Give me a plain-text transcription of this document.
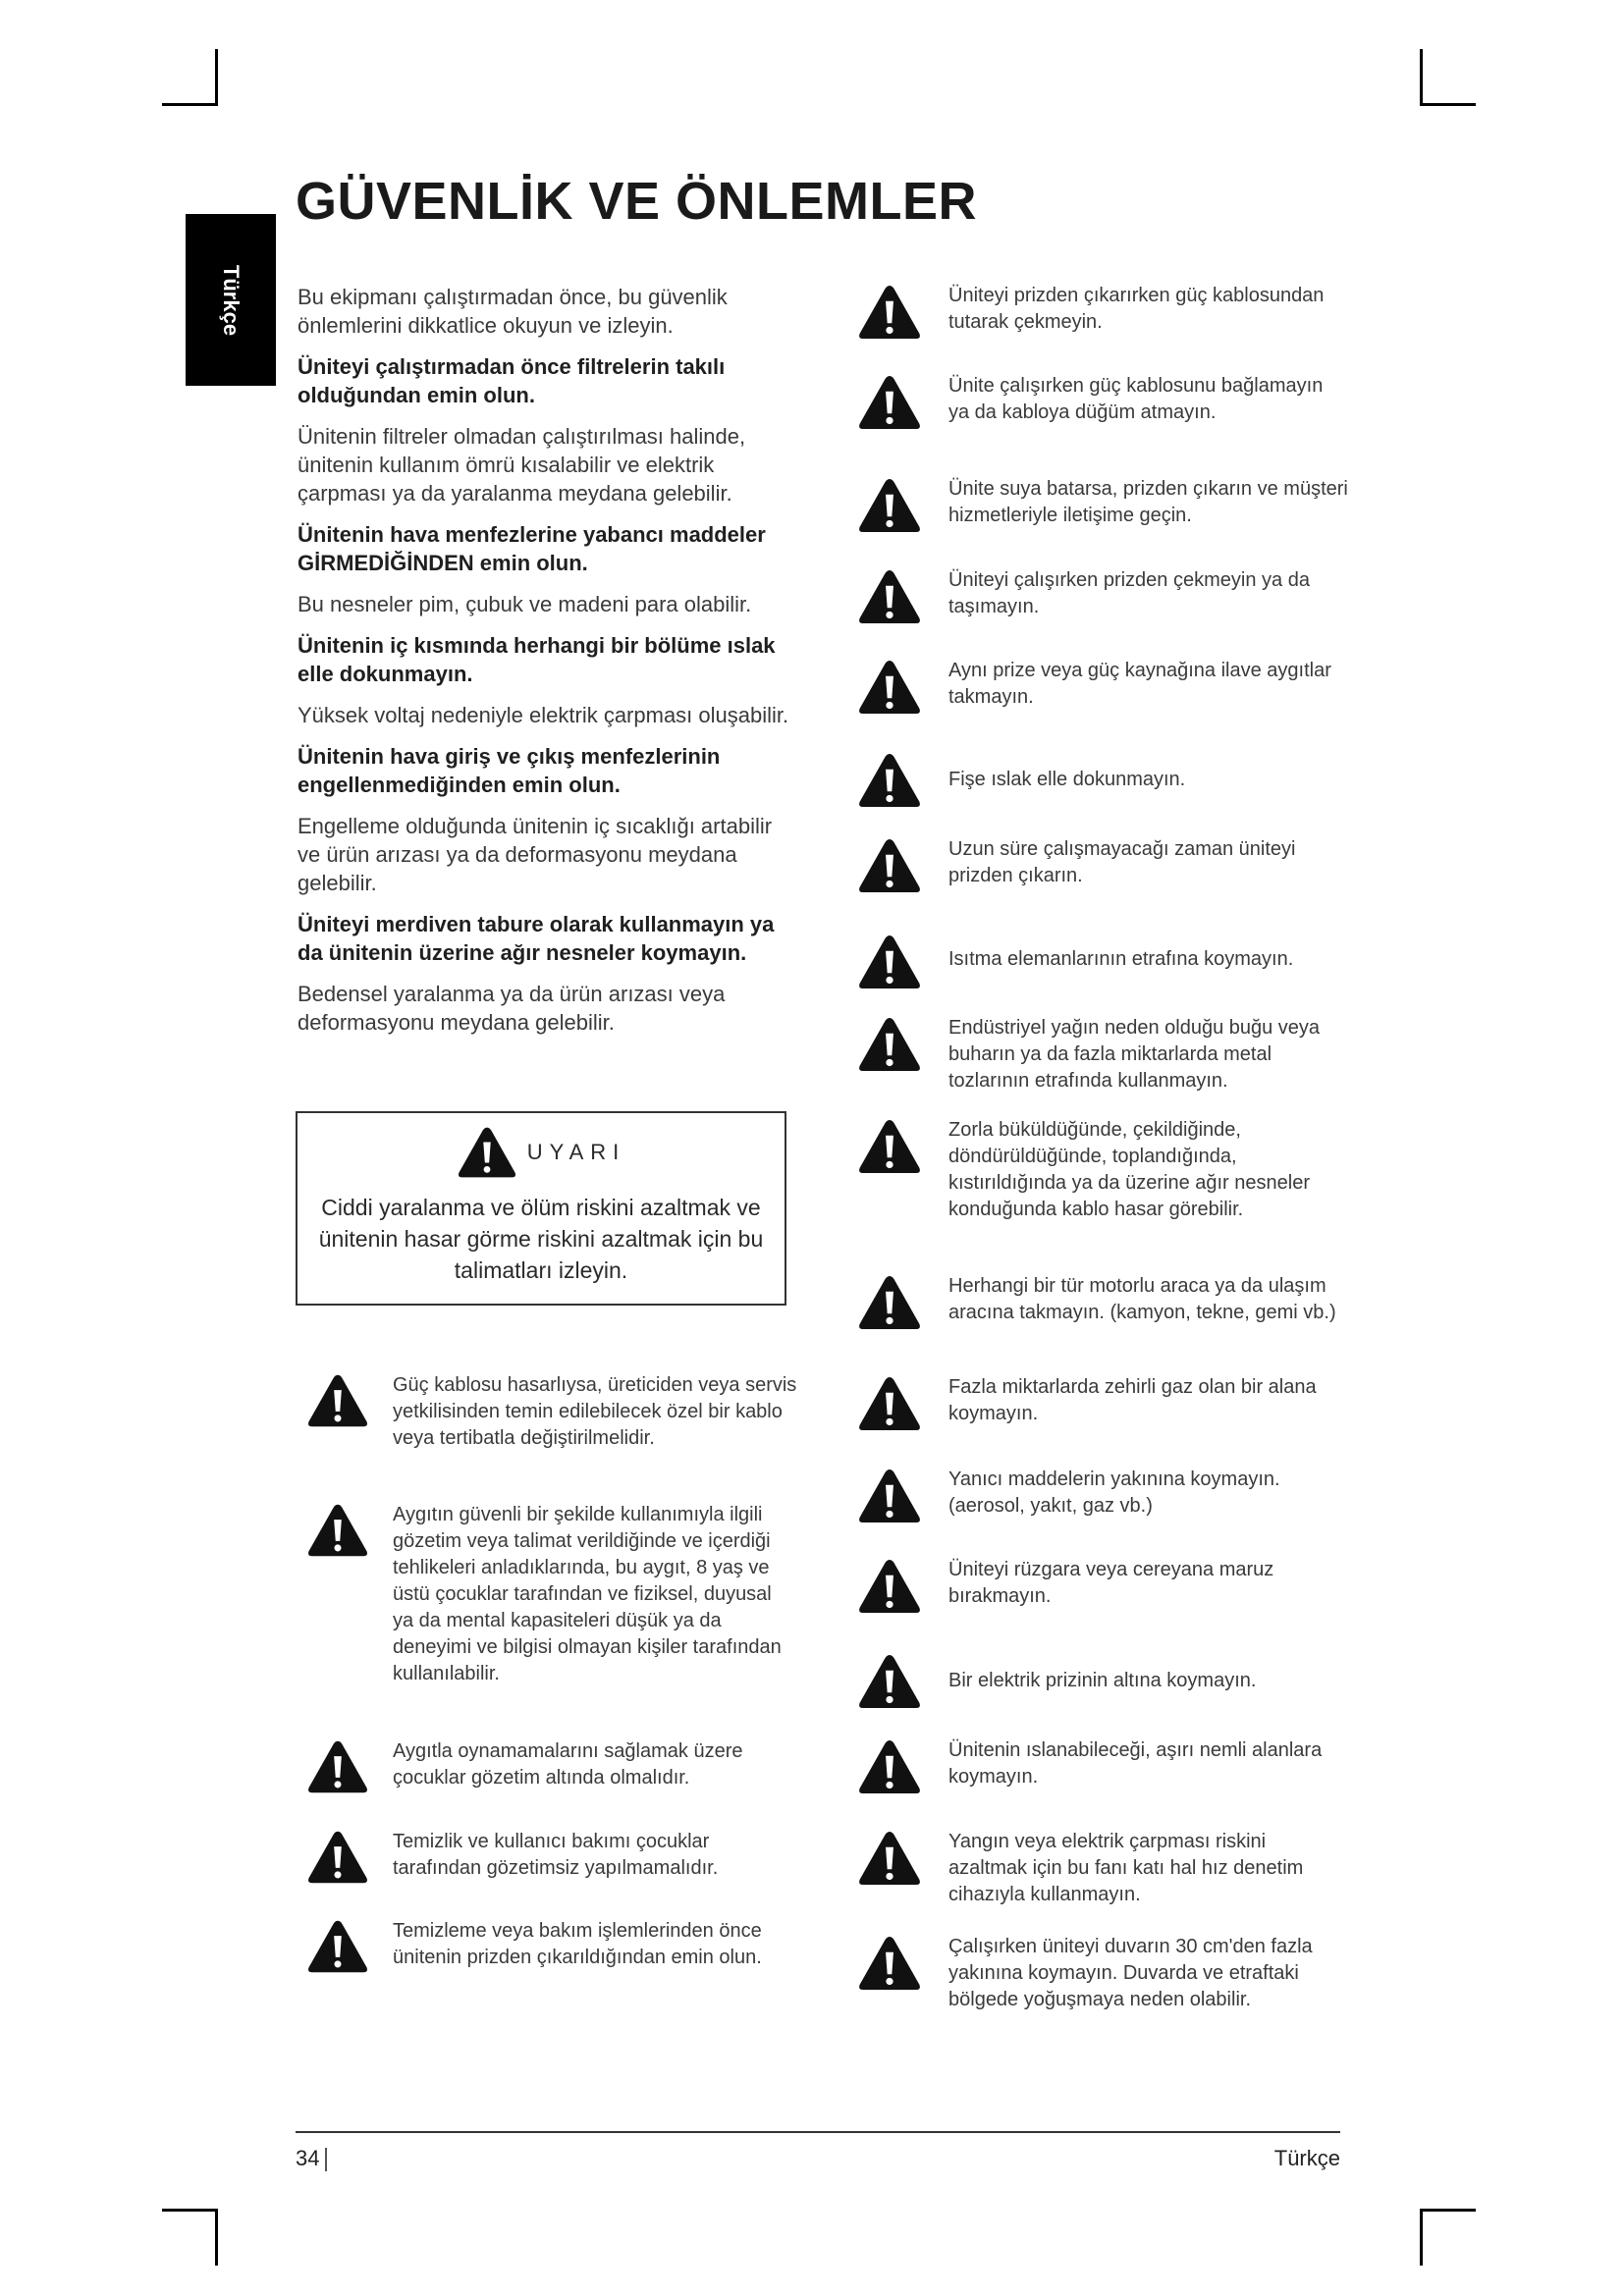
Türkçe
GÜVENLİK VE ÖNLEMLER

Bu ekipmanı çalıştırmadan önce, bu güvenlik önlemlerini dikkatlice okuyun ve izleyin.

Üniteyi çalıştırmadan önce filtrelerin takılı olduğundan emin olun.

Ünitenin filtreler olmadan çalıştırılması halinde, ünitenin kullanım ömrü kısalabilir ve elektrik çarpması ya da yaralanma meydana gelebilir.

Ünitenin hava menfezlerine yabancı maddeler GİRMEDİĞİNDEN emin olun.

Bu nesneler pim, çubuk ve madeni para olabilir.

Ünitenin iç kısmında herhangi bir bölüme ıslak elle dokunmayın.

Yüksek voltaj nedeniyle elektrik çarpması oluşabilir.

Ünitenin hava giriş ve çıkış menfezlerinin engellenmediğinden emin olun.

Engelleme olduğunda ünitenin iç sıcaklığı artabilir ve ürün arızası ya da deformasyonu meydana gelebilir.

Üniteyi merdiven tabure olarak kullanmayın ya da ünitenin üzerine ağır nesneler koymayın.

Bedensel yaralanma ya da ürün arızası veya deformasyonu meydana gelebilir.

UYARI
Ciddi yaralanma ve ölüm riskini azaltmak ve ünitenin hasar görme riskini azaltmak için bu talimatları izleyin.
Güç kablosu hasarlıysa, üreticiden veya servis yetkilisinden temin edilebilecek özel bir kablo veya tertibatla değiştirilmelidir.
Aygıtın güvenli bir şekilde kullanımıyla ilgili gözetim veya talimat verildiğinde ve içerdiği tehlikeleri anladıklarında, bu aygıt, 8 yaş ve üstü çocuklar tarafından ve fiziksel, duyusal ya da mental kapasiteleri düşük ya da deneyimi ve bilgisi olmayan kişiler tarafından kullanılabilir.
Aygıtla oynamamalarını sağlamak üzere çocuklar gözetim altında olmalıdır.
Temizlik ve kullanıcı bakımı çocuklar tarafından gözetimsiz yapılmamalıdır.
Temizleme veya bakım işlemlerinden önce ünitenin prizden çıkarıldığından emin olun.
Üniteyi prizden çıkarırken güç kablosundan tutarak çekmeyin.
Ünite çalışırken güç kablosunu bağlamayın ya da kabloya düğüm atmayın.
Ünite suya batarsa, prizden çıkarın ve müşteri hizmetleriyle iletişime geçin.
Üniteyi çalışırken prizden çekmeyin ya da taşımayın.
Aynı prize veya güç kaynağına ilave aygıtlar takmayın.
Fişe ıslak elle dokunmayın.
Uzun süre çalışmayacağı zaman üniteyi prizden çıkarın.
Isıtma elemanlarının etrafına koymayın.
Endüstriyel yağın neden olduğu buğu veya buharın ya da fazla miktarlarda metal tozlarının etrafında kullanmayın.
Zorla büküldüğünde, çekildiğinde, döndürüldüğünde, toplandığında, kıstırıldığında ya da üzerine ağır nesneler konduğunda kablo hasar görebilir.
Herhangi bir tür motorlu araca ya da ulaşım aracına takmayın. (kamyon, tekne, gemi vb.)
Fazla miktarlarda zehirli gaz olan bir alana koymayın.
Yanıcı maddelerin yakınına koymayın. (aerosol, yakıt, gaz vb.)
Üniteyi rüzgara veya cereyana maruz bırakmayın.
Bir elektrik prizinin altına koymayın.
Ünitenin ıslanabileceği, aşırı nemli alanlara koymayın.
Yangın veya elektrik çarpması riskini azaltmak için bu fanı katı hal hız denetim cihazıyla kullanmayın.
Çalışırken üniteyi duvarın 30 cm'den fazla yakınına koymayın. Duvarda ve etraftaki bölgede yoğuşmaya neden olabilir.
34	Türkçe
